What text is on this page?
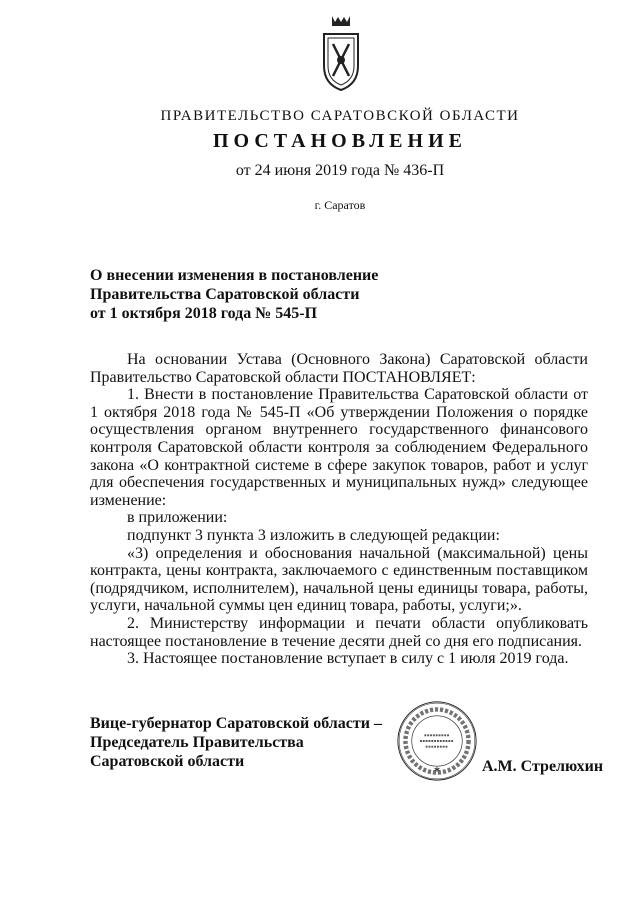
ПРАВИТЕЛЬСТВО САРАТОВСКОЙ ОБЛАСТИ
ПОСТАНОВЛЕНИЕ
от 24 июня 2019 года № 436-П
г. Саратов
О внесении изменения в постановление
Правительства Саратовской области
от 1 октября 2018 года № 545-П

На основании Устава (Основного Закона) Саратовской области Правительство Саратовской области ПОСТАНОВЛЯЕТ:

1. Внести в постановление Правительства Саратовской области от 1 октября 2018 года № 545-П «Об утверждении Положения о порядке осуществления органом внутреннего государственного финансового контроля Саратовской области контроля за соблюдением Федерального закона «О контрактной системе в сфере закупок товаров, работ и услуг для обеспечения государственных и муниципальных нужд» следующее изменение:

в приложении:

подпункт 3 пункта 3 изложить в следующей редакции:

«3) определения и обоснования начальной (максимальной) цены контракта, цены контракта, заключаемого с единственным поставщиком (подрядчиком, исполнителем), начальной цены единицы товара, работы, услуги, начальной суммы цен единиц товара, работы, услуги;».

2. Министерству информации и печати области опубликовать настоящее постановление в течение десяти дней со дня его подписания.

3. Настоящее постановление вступает в силу с 1 июля 2019 года.

Вице-губернатор Саратовской области –
Председатель Правительства
Саратовской области	А.М. Стрелюхин
